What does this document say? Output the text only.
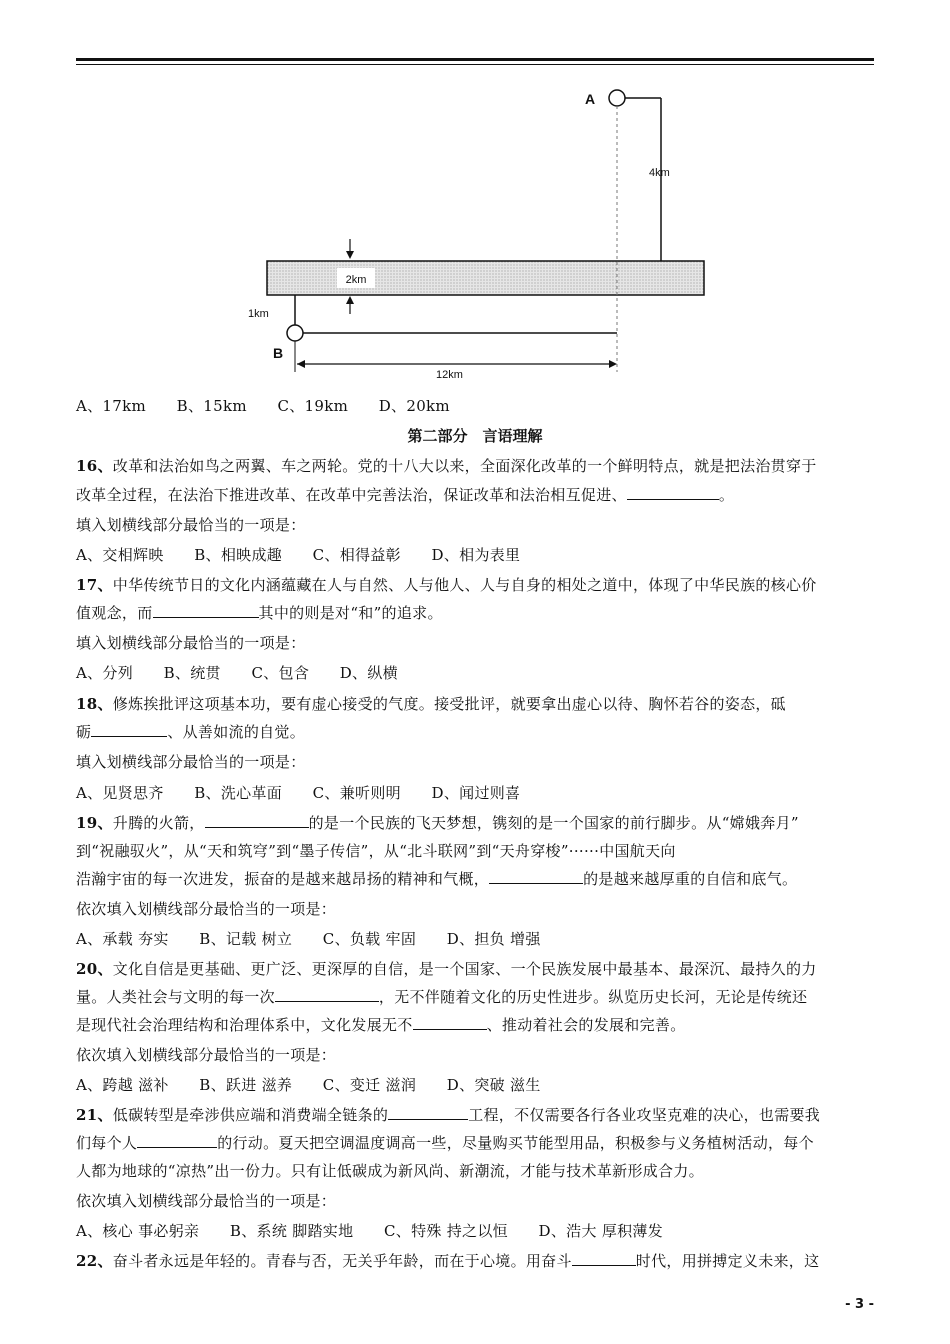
2km
A
4km
B
1km
12km
A、17km　　B、15km　　C、19km　　D、20km
第二部分　言语理解
16、改革和法治如鸟之两翼、车之两轮。党的十八大以来，全面深化改革的一个鲜明特点，就是把法治贯穿于
改革全过程，在法治下推进改革、在改革中完善法治，保证改革和法治相互促进、	。
填入划横线部分最恰当的一项是：
A、交相辉映　　B、相映成趣　　C、相得益彰　　D、相为表里
17、中华传统节日的文化内涵蕴藏在人与自然、人与他人、人与自身的相处之道中，体现了中华民族的核心价
值观念，而	其中的则是对“和”的追求。
填入划横线部分最恰当的一项是：
A、分列　　B、统贯　　C、包含　　D、纵横
18、修炼挨批评这项基本功，要有虚心接受的气度。接受批评，就要拿出虚心以待、胸怀若谷的姿态，砥
砺	、从善如流的自觉。
填入划横线部分最恰当的一项是：
A、见贤思齐　　B、洗心革面　　C、兼听则明　　D、闻过则喜
19、升腾的火箭，	的是一个民族的飞天梦想，镌刻的是一个国家的前行脚步。从“嫦娥奔月”
到“祝融驭火”，从“天和筑穹”到“墨子传信”，从“北斗联网”到“天舟穿梭”······中国航天向
浩瀚宇宙的每一次进发，振奋的是越来越昂扬的精神和气概，	的是越来越厚重的自信和底气。
依次填入划横线部分最恰当的一项是：
A、承载 夯实　　B、记载 树立　　C、负载 牢固　　D、担负 增强
20、文化自信是更基础、更广泛、更深厚的自信，是一个国家、一个民族发展中最基本、最深沉、最持久的力
量。人类社会与文明的每一次	，无不伴随着文化的历史性进步。纵览历史长河，无论是传统还
是现代社会治理结构和治理体系中，文化发展无不	、推动着社会的发展和完善。
依次填入划横线部分最恰当的一项是：
A、跨越 滋补　　B、跃进 滋养　　C、变迁 滋润　　D、突破 滋生
21、低碳转型是牵涉供应端和消费端全链条的	工程，不仅需要各行各业攻坚克难的决心，也需要我
们每个人	的行动。夏天把空调温度调高一些，尽量购买节能型用品，积极参与义务植树活动，每个
人都为地球的“凉热”出一份力。只有让低碳成为新风尚、新潮流，才能与技术革新形成合力。
依次填入划横线部分最恰当的一项是：
A、核心 事必躬亲　　B、系统 脚踏实地　　C、特殊 持之以恒　　D、浩大 厚积薄发
22、奋斗者永远是年轻的。青春与否，无关乎年龄，而在于心境。用奋斗	时代，用拼搏定义未来，这
- 3 -
